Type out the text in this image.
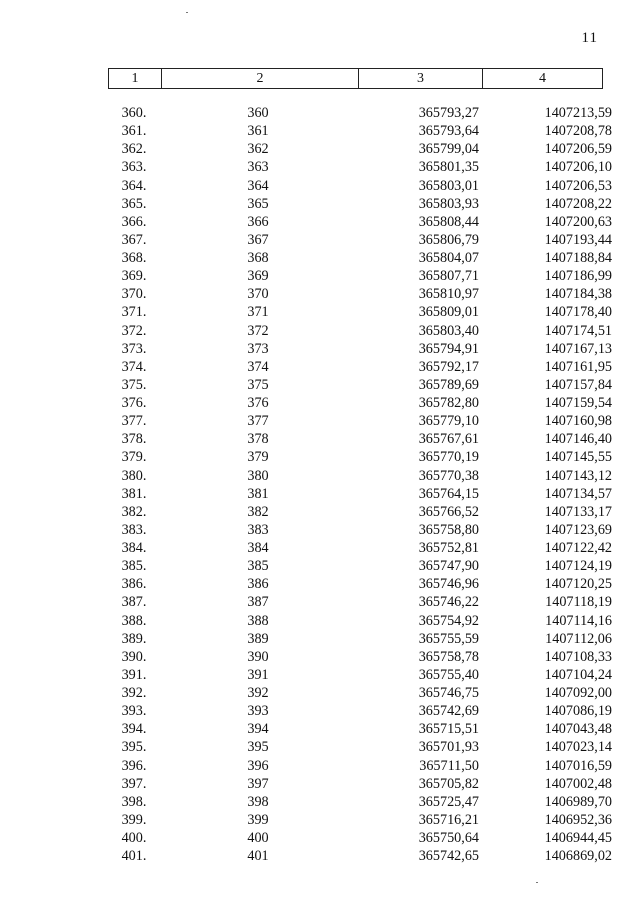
11
1	2	3	4
360.	360	365793,27	1407213,59
361.	361	365793,64	1407208,78
362.	362	365799,04	1407206,59
363.	363	365801,35	1407206,10
364.	364	365803,01	1407206,53
365.	365	365803,93	1407208,22
366.	366	365808,44	1407200,63
367.	367	365806,79	1407193,44
368.	368	365804,07	1407188,84
369.	369	365807,71	1407186,99
370.	370	365810,97	1407184,38
371.	371	365809,01	1407178,40
372.	372	365803,40	1407174,51
373.	373	365794,91	1407167,13
374.	374	365792,17	1407161,95
375.	375	365789,69	1407157,84
376.	376	365782,80	1407159,54
377.	377	365779,10	1407160,98
378.	378	365767,61	1407146,40
379.	379	365770,19	1407145,55
380.	380	365770,38	1407143,12
381.	381	365764,15	1407134,57
382.	382	365766,52	1407133,17
383.	383	365758,80	1407123,69
384.	384	365752,81	1407122,42
385.	385	365747,90	1407124,19
386.	386	365746,96	1407120,25
387.	387	365746,22	1407118,19
388.	388	365754,92	1407114,16
389.	389	365755,59	1407112,06
390.	390	365758,78	1407108,33
391.	391	365755,40	1407104,24
392.	392	365746,75	1407092,00
393.	393	365742,69	1407086,19
394.	394	365715,51	1407043,48
395.	395	365701,93	1407023,14
396.	396	365711,50	1407016,59
397.	397	365705,82	1407002,48
398.	398	365725,47	1406989,70
399.	399	365716,21	1406952,36
400.	400	365750,64	1406944,45
401.	401	365742,65	1406869,02
